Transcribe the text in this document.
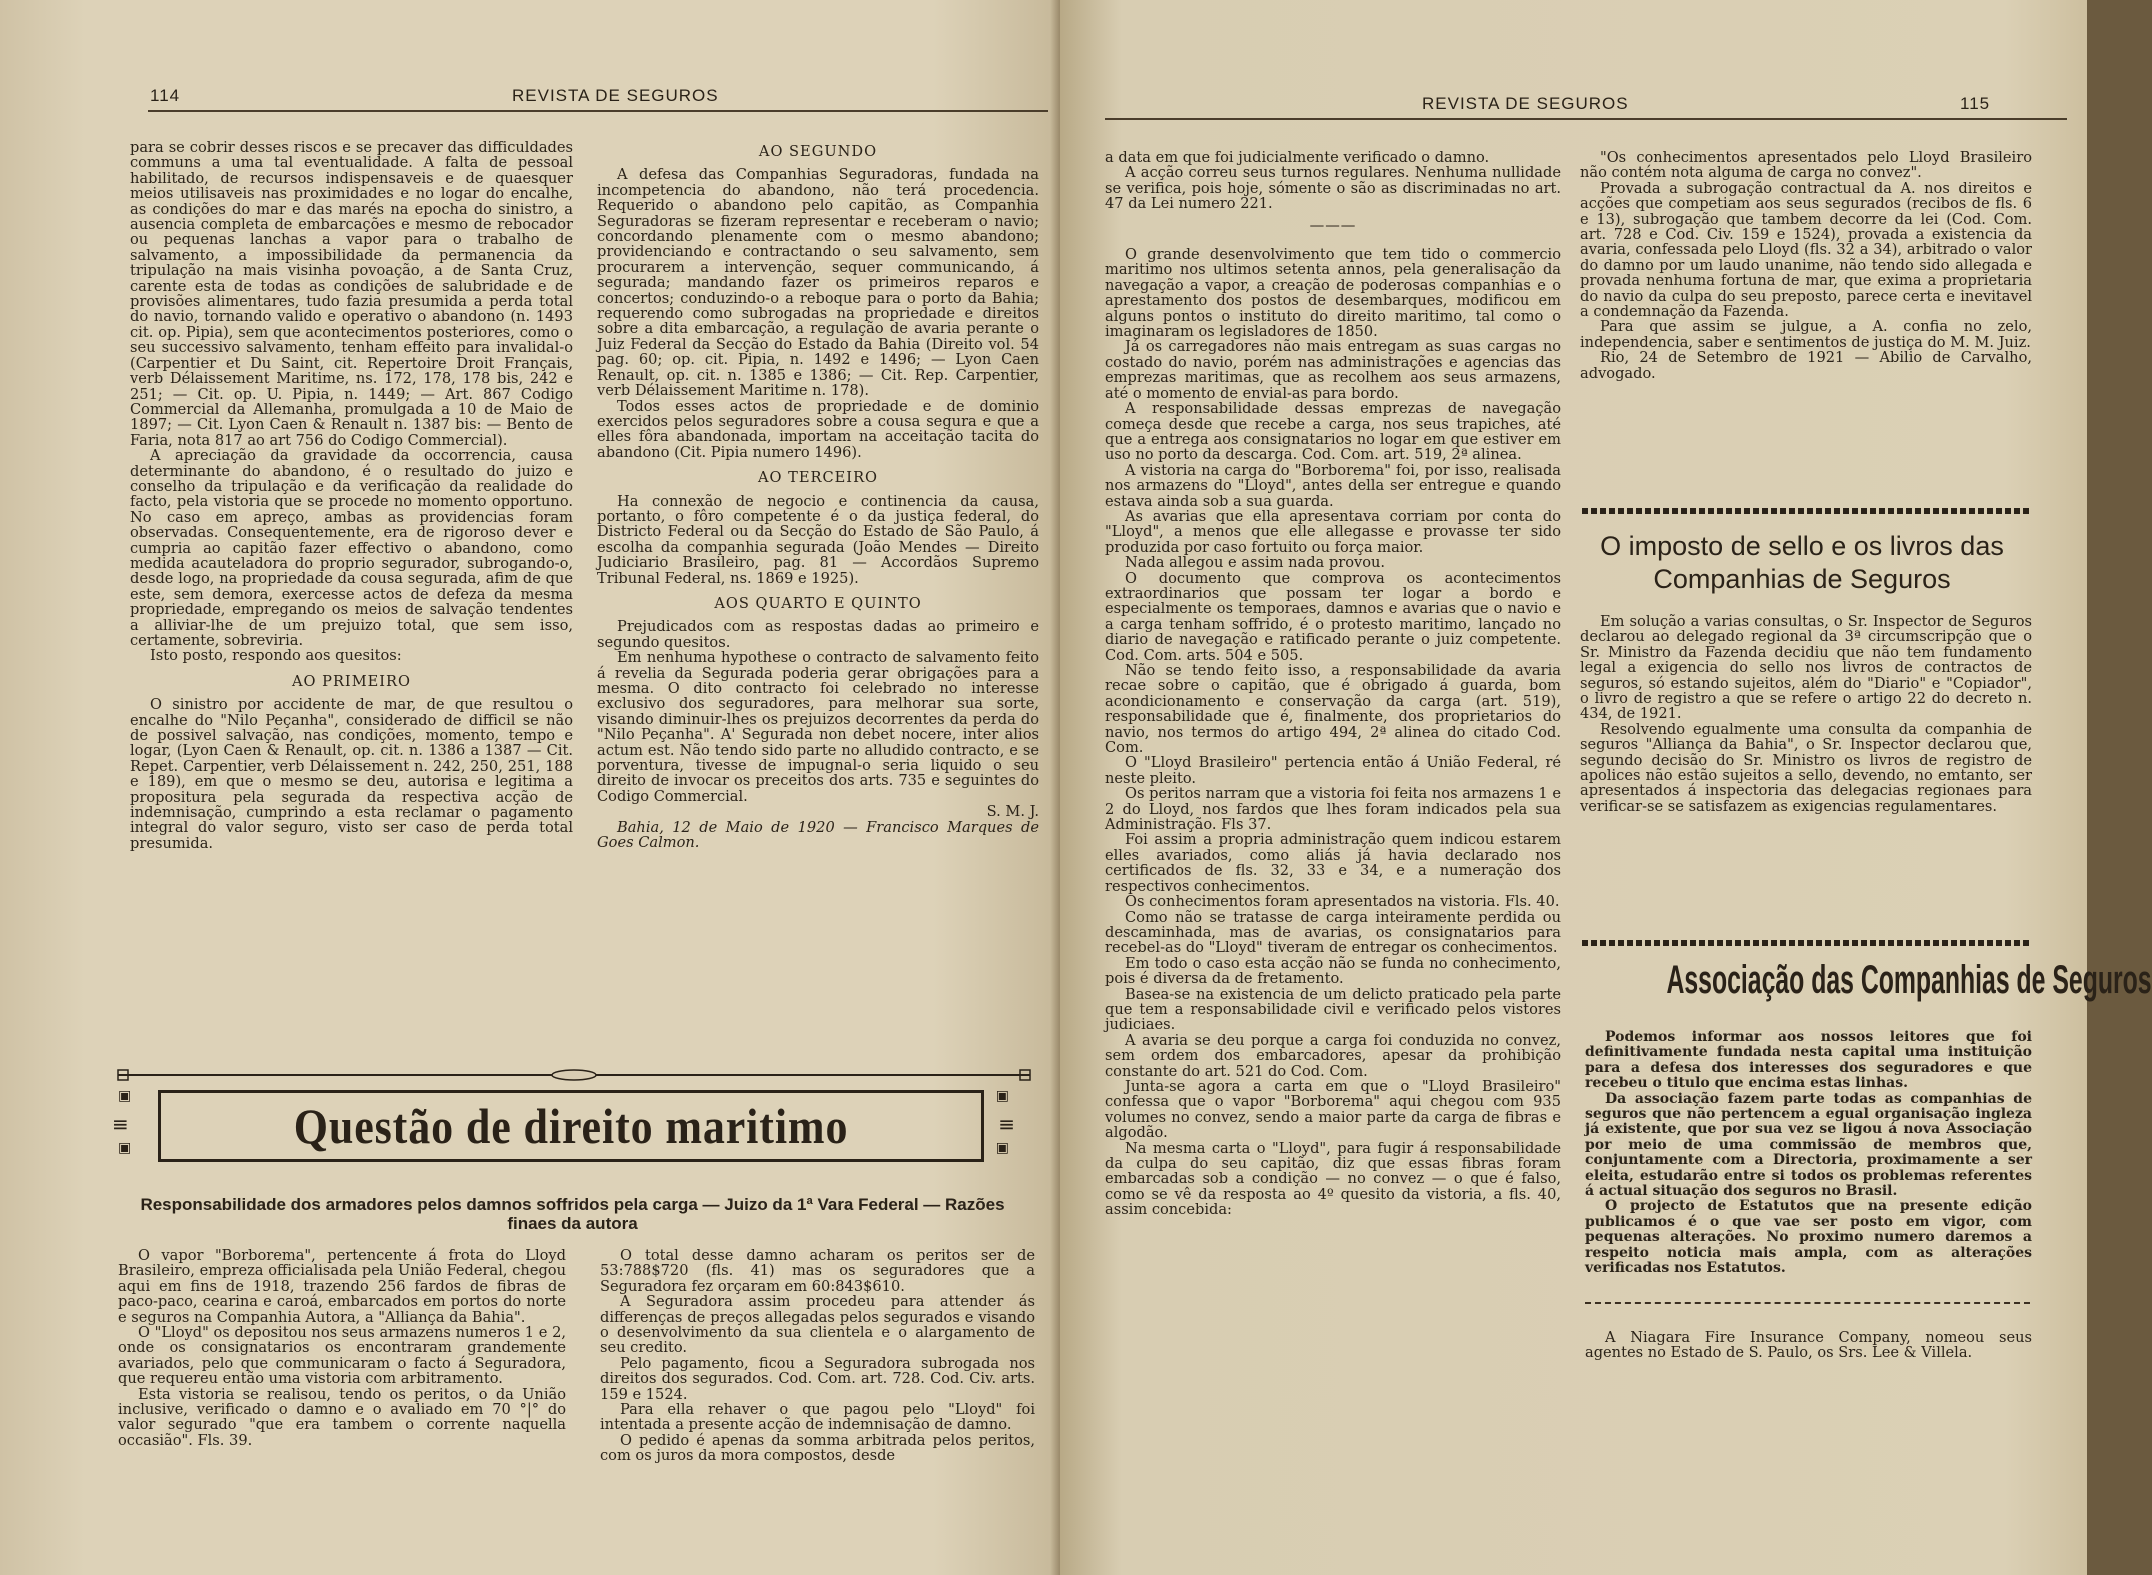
114	REVISTA DE SEGUROS

para se cobrir desses riscos e se precaver das difficuldades communs a uma tal eventualidade. A falta de pessoal habilitado, de recursos indispensaveis e de quaesquer meios utilisaveis nas proximidades e no logar do encalhe, as condições do mar e das marés na epocha do sinistro, a ausencia completa de embarcações e mesmo de rebocador ou pequenas lanchas a vapor para o trabalho de salvamento, a impossibilidade da permanencia da tripulação na mais visinha povoação, a de Santa Cruz, carente esta de todas as condições de salubridade e de provisões alimentares, tudo fazia presumida a perda total do navio, tornando valido e operativo o abandono (n. 1493 cit. op. Pipia), sem que acontecimentos posteriores, como o seu successivo salvamento, tenham effeito para invalidal-o (Carpentier et Du Saint, cit. Repertoire Droit Français, verb Délaissement Maritime, ns. 172, 178, 178 bis, 242 e 251; — Cit. op. U. Pipia, n. 1449; — Art. 867 Codigo Commercial da Allemanha, promulgada a 10 de Maio de 1897; — Cit. Lyon Caen & Renault n. 1387 bis: — Bento de Faria, nota 817 ao art 756 do Codigo Commercial).

A apreciação da gravidade da occorrencia, causa determinante do abandono, é o resultado do juizo e conselho da tripulação e da verificação da realidade do facto, pela vistoria que se procede no momento opportuno. No caso em apreço, ambas as providencias foram observadas. Consequentemente, era de rigoroso dever e cumpria ao capitão fazer effectivo o abandono, como medida acauteladora do proprio segurador, subrogando-o, desde logo, na propriedade da cousa segurada, afim de que este, sem demora, exercesse actos de defeza da mesma propriedade, empregando os meios de salvação tendentes a alliviar-lhe de um prejuizo total, que sem isso, certamente, sobreviria.

Isto posto, respondo aos quesitos:

AO PRIMEIRO

O sinistro por accidente de mar, de que resultou o encalhe do "Nilo Peçanha", considerado de difficil se não de possivel salvação, nas condições, momento, tempo e logar, (Lyon Caen & Renault, op. cit. n. 1386 a 1387 — Cit. Repet. Carpentier, verb Délaissement n. 242, 250, 251, 188 e 189), em que o mesmo se deu, autorisa e legitima a propositura pela segurada da respectiva acção de indemnisação, cumprindo a esta reclamar o pagamento integral do valor seguro, visto ser caso de perda total presumida.

AO SEGUNDO

A defesa das Companhias Seguradoras, fundada na incompetencia do abandono, não terá procedencia. Requerido o abandono pelo capitão, as Companhia Seguradoras se fizeram representar e receberam o navio; concordando plenamente com o mesmo abandono; providenciando e contractando o seu salvamento, sem procurarem a intervenção, sequer communicando, á segurada; mandando fazer os primeiros reparos e concertos; conduzindo-o a reboque para o porto da Bahia; requerendo como subrogadas na propriedade e direitos sobre a dita embarcação, a regulação de avaria perante o Juiz Federal da Secção do Estado da Bahia (Direito vol. 54 pag. 60; op. cit. Pipia, n. 1492 e 1496; — Lyon Caen Renault, op. cit. n. 1385 e 1386; — Cit. Rep. Carpentier, verb Délaissement Maritime n. 178).

Todos esses actos de propriedade e de dominio exercidos pelos seguradores sobre a cousa segura e que a elles fôra abandonada, importam na acceitação tacita do abandono (Cit. Pipia numero 1496).

AO TERCEIRO

Ha connexão de negocio e continencia da causa, portanto, o fôro competente é o da justiça federal, do Districto Federal ou da Secção do Estado de São Paulo, á escolha da companhia segurada (João Mendes — Direito Judiciario Brasileiro, pag. 81 — Accordãos Supremo Tribunal Federal, ns. 1869 e 1925).

AOS QUARTO E QUINTO

Prejudicados com as respostas dadas ao primeiro e segundo quesitos.

Em nenhuma hypothese o contracto de salvamento feito á revelia da Segurada poderia gerar obrigações para a mesma. O dito contracto foi celebrado no interesse exclusivo dos seguradores, para melhorar sua sorte, visando diminuir-lhes os prejuizos decorrentes da perda do "Nilo Peçanha". A' Segurada non debet nocere, inter alios actum est. Não tendo sido parte no alludido contracto, e se porventura, tivesse de impugnal-o seria liquido o seu direito de invocar os preceitos dos arts. 735 e seguintes do Codigo Commercial.

S. M. J.

Bahia, 12 de Maio de 1920 — Francisco Marques de Goes Calmon.

▣
≡
▣
▣
≡
▣
Questão de direito maritimo
Responsabilidade dos armadores pelos damnos soffridos pela carga — Juizo da 1ª Vara Federal — Razões finaes da autora

O vapor "Borborema", pertencente á frota do Lloyd Brasileiro, empreza officialisada pela União Federal, chegou aqui em fins de 1918, trazendo 256 fardos de fibras de paco-paco, cearina e caroá, embarcados em portos do norte e seguros na Companhia Autora, a "Alliança da Bahia".

O "Lloyd" os depositou nos seus armazens numeros 1 e 2, onde os consignatarios os encontraram grandemente avariados, pelo que communicaram o facto á Seguradora, que requereu então uma vistoria com arbitramento.

Esta vistoria se realisou, tendo os peritos, o da União inclusive, verificado o damno e o avaliado em 70 °|° do valor segurado "que era tambem o corrente naquella occasião". Fls. 39.

O total desse damno acharam os peritos ser de 53:788$720 (fls. 41) mas os seguradores que a Seguradora fez orçaram em 60:843$610.

A Seguradora assim procedeu para attender ás differenças de preços allegadas pelos segurados e visando o desenvolvimento da sua clientela e o alargamento de seu credito.

Pelo pagamento, ficou a Seguradora subrogada nos direitos dos segurados. Cod. Com. art. 728. Cod. Civ. arts. 159 e 1524.

Para ella rehaver o que pagou pelo "Lloyd" foi intentada a presente acção de indemnisação de damno.

O pedido é apenas da somma arbitrada pelos peritos, com os juros da mora compostos, desde

REVISTA DE SEGUROS	115

a data em que foi judicialmente verificado o damno.

A acção correu seus turnos regulares. Nenhuma nullidade se verifica, pois hoje, sómente o são as discriminadas no art. 47 da Lei numero 221.

———

O grande desenvolvimento que tem tido o commercio maritimo nos ultimos setenta annos, pela generalisação da navegação a vapor, a creação de poderosas companhias e o aprestamento dos postos de desembarques, modificou em alguns pontos o instituto do direito maritimo, tal como o imaginaram os legisladores de 1850.

Já os carregadores não mais entregam as suas cargas no costado do navio, porém nas administrações e agencias das emprezas maritimas, que as recolhem aos seus armazens, até o momento de envial-as para bordo.

A responsabilidade dessas emprezas de navegação começa desde que recebe a carga, nos seus trapiches, até que a entrega aos consignatarios no logar em que estiver em uso no porto da descarga. Cod. Com. art. 519, 2ª alinea.

A vistoria na carga do "Borborema" foi, por isso, realisada nos armazens do "Lloyd", antes della ser entregue e quando estava ainda sob a sua guarda.

As avarias que ella apresentava corriam por conta do "Lloyd", a menos que elle allegasse e provasse ter sido produzida por caso fortuito ou força maior.

Nada allegou e assim nada provou.

O documento que comprova os acontecimentos extraordinarios que possam ter logar a bordo e especialmente os temporaes, damnos e avarias que o navio e a carga tenham soffrido, é o protesto maritimo, lançado no diario de navegação e ratificado perante o juiz competente. Cod. Com. arts. 504 e 505.

Não se tendo feito isso, a responsabilidade da avaria recae sobre o capitão, que é obrigado á guarda, bom acondicionamento e conservação da carga (art. 519), responsabilidade que é, finalmente, dos proprietarios do navio, nos termos do artigo 494, 2ª alinea do citado Cod. Com.

O "Lloyd Brasileiro" pertencia então á União Federal, ré neste pleito.

Os peritos narram que a vistoria foi feita nos armazens 1 e 2 do Lloyd, nos fardos que lhes foram indicados pela sua Administração. Fls 37.

Foi assim a propria administração quem indicou estarem elles avariados, como aliás já havia declarado nos certificados de fls. 32, 33 e 34, e a numeração dos respectivos conhecimentos.

Os conhecimentos foram apresentados na vistoria. Fls. 40.

Como não se tratasse de carga inteiramente perdida ou descaminhada, mas de avarias, os consignatarios para recebel-as do "Lloyd" tiveram de entregar os conhecimentos.

Em todo o caso esta acção não se funda no conhecimento, pois é diversa da de fretamento.

Basea-se na existencia de um delicto praticado pela parte que tem a responsabilidade civil e verificado pelos vistores judiciaes.

A avaria se deu porque a carga foi conduzida no convez, sem ordem dos embarcadores, apesar da prohibição constante do art. 521 do Cod. Com.

Junta-se agora a carta em que o "Lloyd Brasileiro" confessa que o vapor "Borborema" aqui chegou com 935 volumes no convez, sendo a maior parte da carga de fibras e algodão.

Na mesma carta o "Lloyd", para fugir á responsabilidade da culpa do seu capitão, diz que essas fibras foram embarcadas sob a condição — no convez — o que é falso, como se vê da resposta ao 4º quesito da vistoria, a fls. 40, assim concebida:

"Os conhecimentos apresentados pelo Lloyd Brasileiro não contém nota alguma de carga no convez".

Provada a subrogação contractual da A. nos direitos e acções que competiam aos seus segurados (recibos de fls. 6 e 13), subrogação que tambem decorre da lei (Cod. Com. art. 728 e Cod. Civ. 159 e 1524), provada a existencia da avaria, confessada pelo Lloyd (fls. 32 a 34), arbitrado o valor do damno por um laudo unanime, não tendo sido allegada e provada nenhuma fortuna de mar, que exima a proprietaria do navio da culpa do seu preposto, parece certa e inevitavel a condemnação da Fazenda.

Para que assim se julgue, a A. confia no zelo, independencia, saber e sentimentos de justiça do M. M. Juiz.

Rio, 24 de Setembro de 1921 — Abilio de Carvalho, advogado.

O imposto de sello e os livros das Companhias de Seguros

Em solução a varias consultas, o Sr. Inspector de Seguros declarou ao delegado regional da 3ª circumscripção que o Sr. Ministro da Fazenda decidiu que não tem fundamento legal a exigencia do sello nos livros de contractos de seguros, só estando sujeitos, além do "Diario" e "Copiador", o livro de registro a que se refere o artigo 22 do decreto n. 434, de 1921.

Resolvendo egualmente uma consulta da companhia de seguros "Alliança da Bahia", o Sr. Inspector declarou que, segundo decisão do Sr. Ministro os livros de registro de apolices não estão sujeitos a sello, devendo, no emtanto, ser apresentados á inspectoria das delegacias regionaes para verificar-se se satisfazem as exigencias regulamentares.

Associação das Companhias de Seguros

Podemos informar aos nossos leitores que foi definitivamente fundada nesta capital uma instituição para a defesa dos interesses dos seguradores e que recebeu o titulo que encima estas linhas.

Da associação fazem parte todas as companhias de seguros que não pertencem a egual organisação ingleza já existente, que por sua vez se ligou á nova Associação por meio de uma commissão de membros que, conjuntamente com a Directoria, proximamente a ser eleita, estudarão entre si todos os problemas referentes á actual situação dos seguros no Brasil.

O projecto de Estatutos que na presente edição publicamos é o que vae ser posto em vigor, com pequenas alterações. No proximo numero daremos a respeito noticia mais ampla, com as alterações verificadas nos Estatutos.

A Niagara Fire Insurance Company, nomeou seus agentes no Estado de S. Paulo, os Srs. Lee & Villela.
